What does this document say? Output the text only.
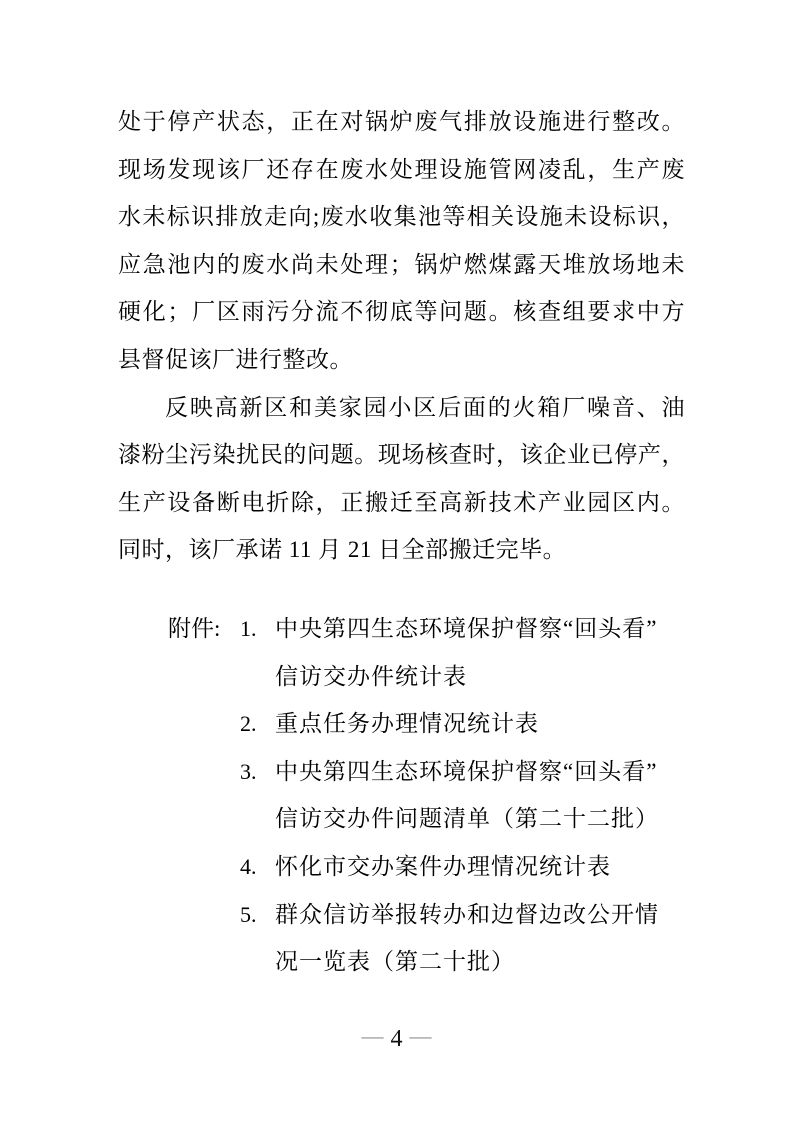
处于停产状态，正在对锅炉废气排放设施进行整改。
现场发现该厂还存在废水处理设施管网凌乱，生产废
水未标识排放走向;废水收集池等相关设施未设标识，
应急池内的废水尚未处理；锅炉燃煤露天堆放场地未
硬化；厂区雨污分流不彻底等问题。核查组要求中方
县督促该厂进行整改。
反映高新区和美家园小区后面的火箱厂噪音、油
漆粉尘污染扰民的问题。现场核查时，该企业已停产，
生产设备断电折除，正搬迁至高新技术产业园区内。
同时，该厂承诺 11 月 21 日全部搬迁完毕。
附件: 1. 中央第四生态环境保护督察“回头看”
信访交办件统计表
2. 重点任务办理情况统计表
3. 中央第四生态环境保护督察“回头看”
信访交办件问题清单（第二十二批）
4. 怀化市交办案件办理情况统计表
5. 群众信访举报转办和边督边改公开情
况一览表（第二十批）
— 4 —
